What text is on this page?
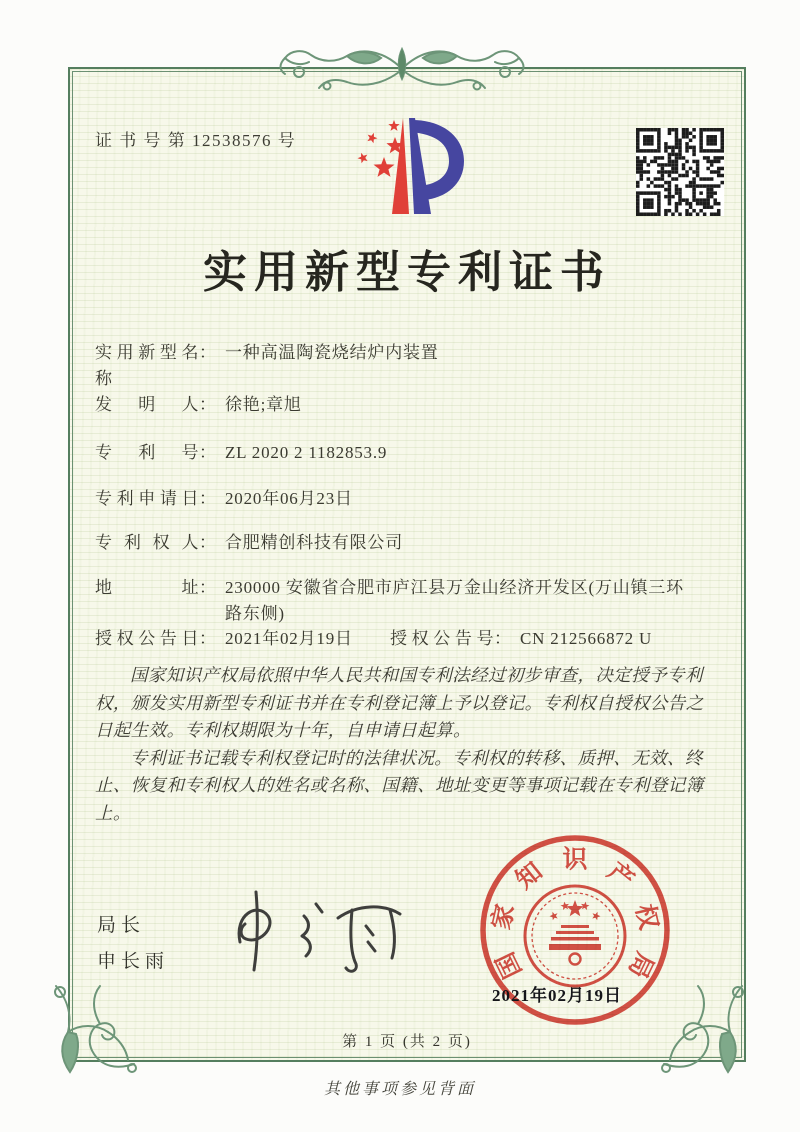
证 书 号 第 12538576 号
实用新型专利证书
实用新型名称
： 一种高温陶瓷烧结炉内装置
发明人 ： 徐艳;章旭
专利号 ： ZL 2020 2 1182853.9
专利申请日 ： 2020年06月23日
专利权人 ： 合肥精创科技有限公司
地址 ： 230000 安徽省合肥市庐江县万金山经济开发区(万山镇三环路东侧)
授权公告日 ： 2021年02月19日 授权公告号 ： CN 212566872 U

国家知识产权局依照中华人民共和国专利法经过初步审查，决定授予专利权，颁发实用新型专利证书并在专利登记簿上予以登记。专利权自授权公告之日起生效。专利权期限为十年，自申请日起算。

专利证书记载专利权登记时的法律状况。专利权的转移、质押、无效、终止、恢复和专利权人的姓名或名称、国籍、地址变更等事项记载在专利登记簿上。

局长
申长雨	国
家
知 识 产
权
局
2021年02月19日
第 1 页 (共 2 页)
其他事项参见背面
